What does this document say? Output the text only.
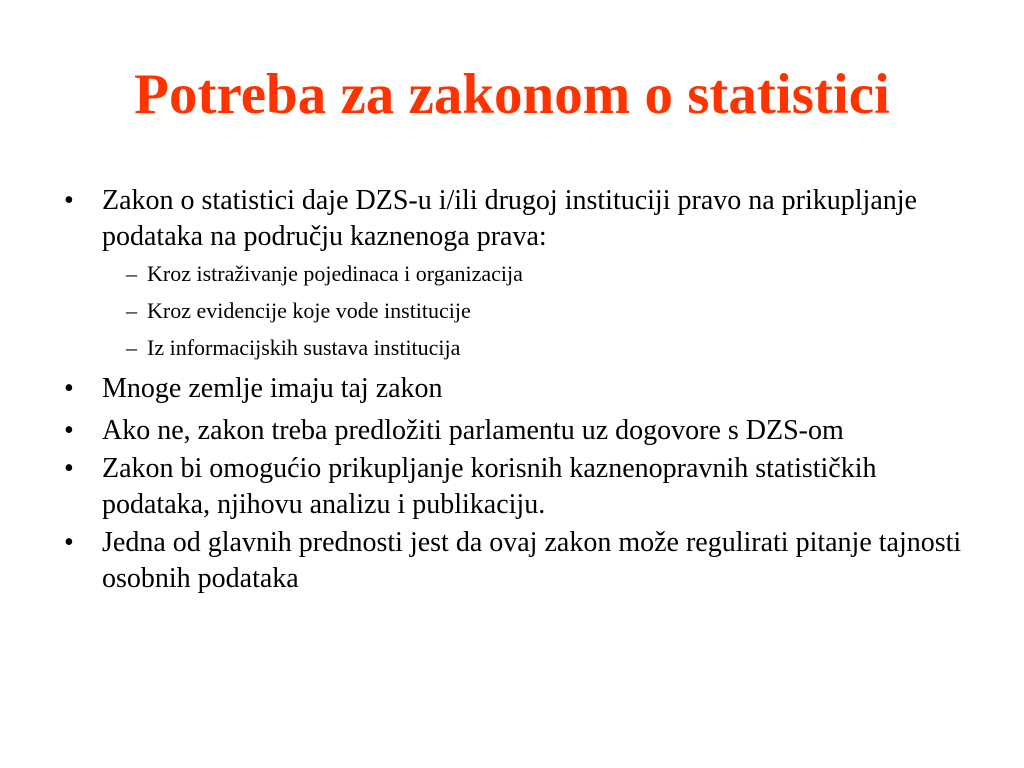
Potreba za zakonom o statistici
•	Zakon o statistici daje DZS-u i/ili drugoj instituciji pravo na prikupljanje podataka na području kaznenoga prava:
– Kroz istraživanje pojedinaca i organizacija
– Kroz evidencije koje vode institucije
– Iz informacijskih sustava institucija
•	Mnoge zemlje imaju taj zakon
•	Ako ne, zakon treba predložiti parlamentu uz dogovore s DZS-om
•	Zakon bi omogućio prikupljanje korisnih kaznenopravnih statističkih podataka, njihovu analizu i publikaciju.
•	Jedna od glavnih prednosti jest da ovaj zakon može regulirati pitanje tajnosti osobnih podataka
